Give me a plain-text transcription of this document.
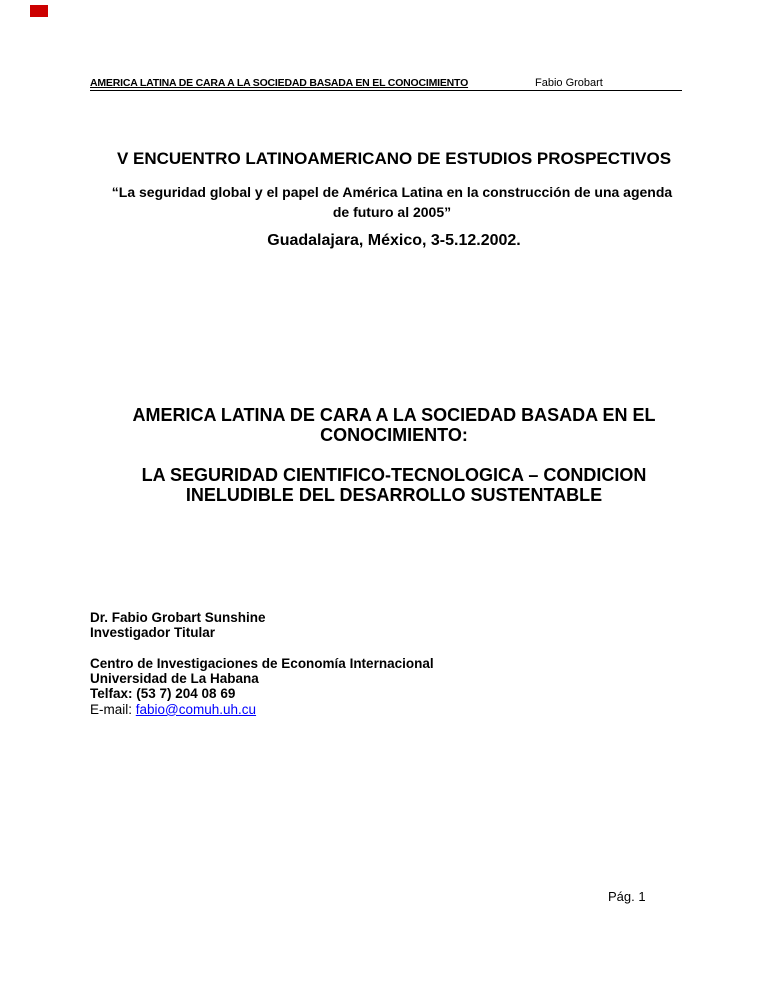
AMERICA LATINA DE CARA A LA SOCIEDAD BASADA EN EL CONOCIMIENTO	Fabio Grobart
V ENCUENTRO LATINOAMERICANO DE ESTUDIOS PROSPECTIVOS
“La seguridad global y el papel de América Latina en la construcción de una agenda de futuro al 2005”
Guadalajara, México, 3-5.12.2002.
AMERICA LATINA DE CARA A LA SOCIEDAD BASADA EN EL CONOCIMIENTO:
LA SEGURIDAD CIENTIFICO-TECNOLOGICA – CONDICION INELUDIBLE DEL DESARROLLO SUSTENTABLE
Dr. Fabio Grobart Sunshine
Investigador Titular
Centro de Investigaciones de Economía Internacional
Universidad de La Habana
Telfax: (53 7) 204 08 69
E-mail: fabio@comuh.uh.cu
Pág. 1
